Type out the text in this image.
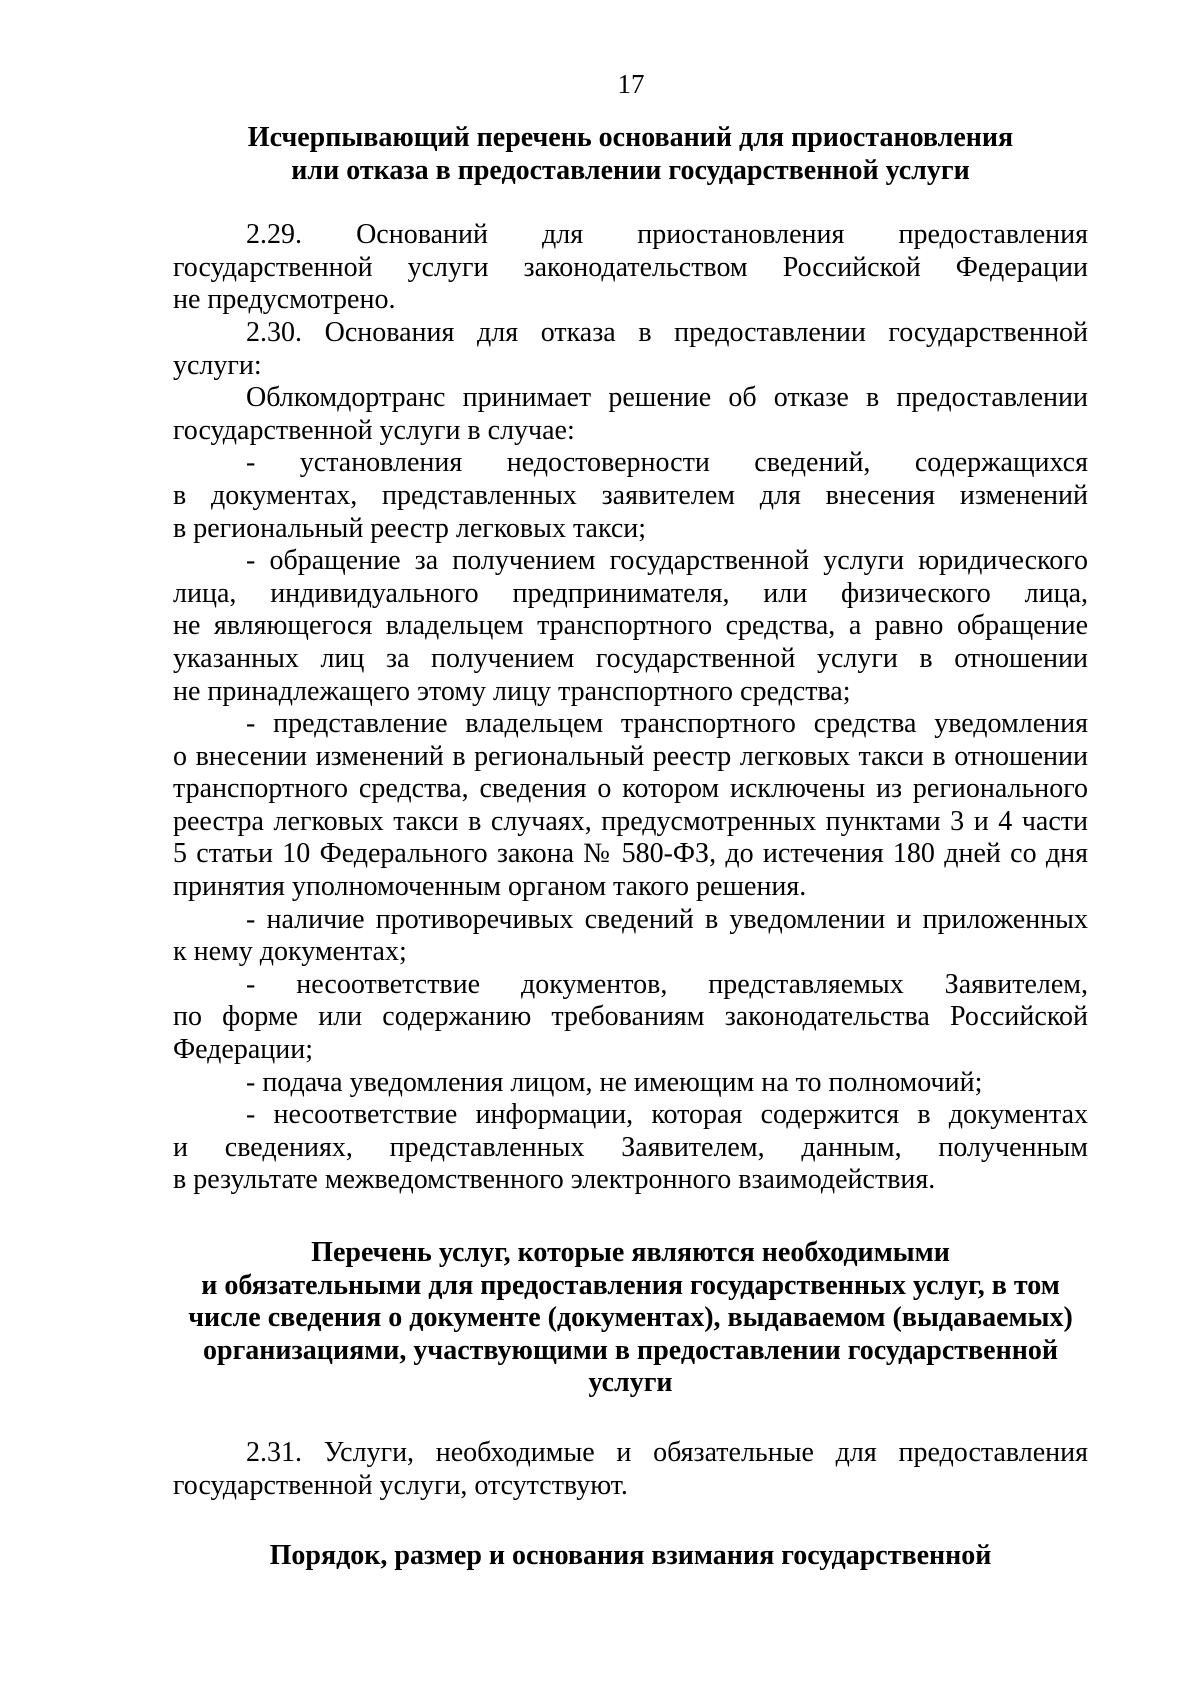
17
Исчерпывающий перечень оснований для приостановления
или отказа в предоставлении государственной услуги
2.29. Оснований для приостановления предоставления
государственной услуги законодательством Российской Федерации
не предусмотрено.
2.30. Основания для отказа в предоставлении государственной
услуги:
Облкомдортранс принимает решение об отказе в предоставлении
государственной услуги в случае:
- установления недостоверности сведений, содержащихся
в документах, представленных заявителем для внесения изменений
в региональный реестр легковых такси;
- обращение за получением государственной услуги юридического
лица, индивидуального предпринимателя, или физического лица,
не являющегося владельцем транспортного средства, а равно обращение
указанных лиц за получением государственной услуги в отношении
не принадлежащего этому лицу транспортного средства;
- представление владельцем транспортного средства уведомления
о внесении изменений в региональный реестр легковых такси в отношении
транспортного средства, сведения о котором исключены из регионального
реестра легковых такси в случаях, предусмотренных пунктами 3 и 4 части
5 статьи 10 Федерального закона № 580-ФЗ, до истечения 180 дней со дня
принятия уполномоченным органом такого решения.
- наличие противоречивых сведений в уведомлении и приложенных
к нему документах;
- несоответствие документов, представляемых Заявителем,
по форме или содержанию требованиям законодательства Российской
Федерации;
- подача уведомления лицом, не имеющим на то полномочий;
- несоответствие информации, которая содержится в документах
и сведениях, представленных Заявителем, данным, полученным
в результате межведомственного электронного взаимодействия.
Перечень услуг, которые являются необходимыми
и обязательными для предоставления государственных услуг, в том
числе сведения о документе (документах), выдаваемом (выдаваемых)
организациями, участвующими в предоставлении государственной
услуги
2.31. Услуги, необходимые и обязательные для предоставления
государственной услуги, отсутствуют.
Порядок, размер и основания взимания государственной
